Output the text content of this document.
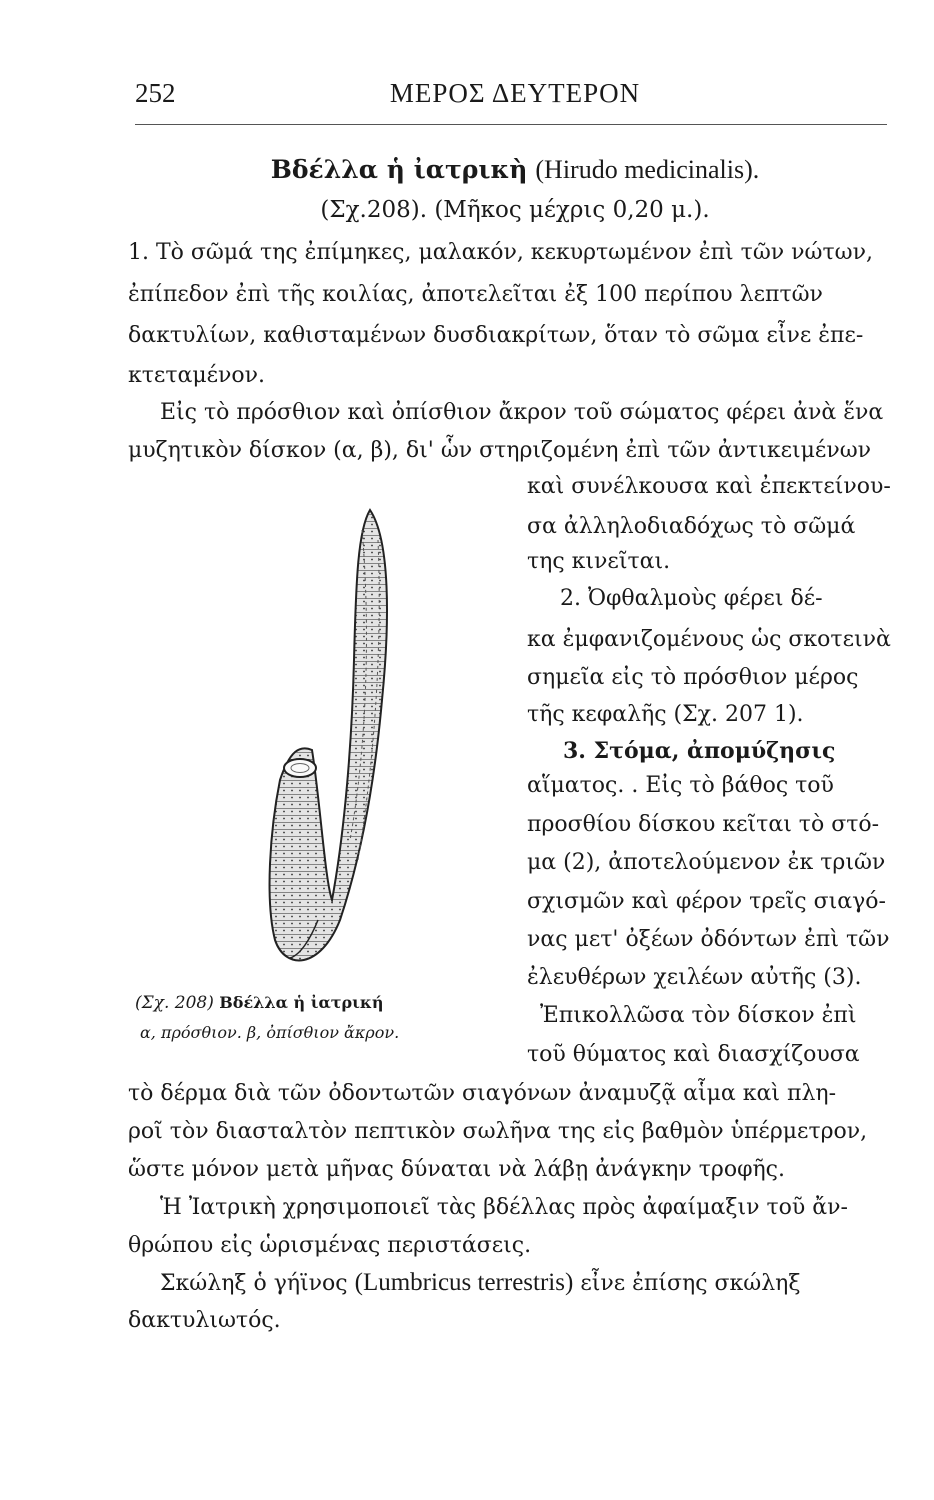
252	ΜΕΡΟΣ ΔΕΥΤΕΡΟΝ
Βδέλλα ἡ ἰατρικὴ (Hirudo medicinalis).
(Σχ.208). (Μῆκος μέχρις 0,20 μ.).
1. Τὸ σῶμά της ἐπίμηκες, μαλακόν, κεκυρτωμένον ἐπὶ τῶν νώτων,
ἐπίπεδον ἐπὶ τῆς κοιλίας, ἀποτελεῖται ἐξ 100 περίπου λεπτῶν
δακτυλίων, καθισταμένων δυσδιακρίτων, ὅταν τὸ σῶμα εἶνε ἐπε-
κτεταμένον.
Εἰς τὸ πρόσθιον καὶ ὀπίσθιον ἄκρον τοῦ σώματος φέρει ἀνὰ ἕνα
μυζητικὸν δίσκον (α, β), δι' ὧν στηριζομένη ἐπὶ τῶν ἀντικειμένων
καὶ συνέλκουσα καὶ ἐπεκτείνου-
σα ἀλληλοδιαδόχως τὸ σῶμά
της κινεῖται.
2. Ὀφθαλμοὺς φέρει δέ-
κα ἐμφανιζομένους ὡς σκοτεινὰ
σημεῖα εἰς τὸ πρόσθιον μέρος
τῆς κεφαλῆς (Σχ. 207 1).
3. Στόμα, ἀπομύζησις
αἵματος. . Εἰς τὸ βάθος τοῦ
προσθίου δίσκου κεῖται τὸ στό-
μα (2), ἀποτελούμενον ἐκ τριῶν
σχισμῶν καὶ φέρον τρεῖς σιαγό-
νας μετ' ὀξέων ὀδόντων ἐπὶ τῶν
ἐλευθέρων χειλέων αὐτῆς (3).
Ἐπικολλῶσα τὸν δίσκον ἐπὶ
τοῦ θύματος καὶ διασχίζουσα
(Σχ. 208) Βδέλλα ἡ ἰατρική
α, πρόσθιον. β, ὀπίσθιον ἄκρον.
τὸ δέρμα διὰ τῶν ὀδοντωτῶν σιαγόνων ἀναμυζᾷ αἷμα καὶ πλη-
ροῖ τὸν διασταλτὸν πεπτικὸν σωλῆνα της εἰς βαθμὸν ὑπέρμετρον,
ὥστε μόνον μετὰ μῆνας δύναται νὰ λάβῃ ἀνάγκην τροφῆς.
Ἡ Ἰατρικὴ χρησιμοποιεῖ τὰς βδέλλας πρὸς ἀφαίμαξιν τοῦ ἄν-
θρώπου εἰς ὡρισμένας περιστάσεις.
Σκώληξ ὁ γήϊνος (Lumbricus terrestris) εἶνε ἐπίσης σκώληξ
δακτυλιωτός.
